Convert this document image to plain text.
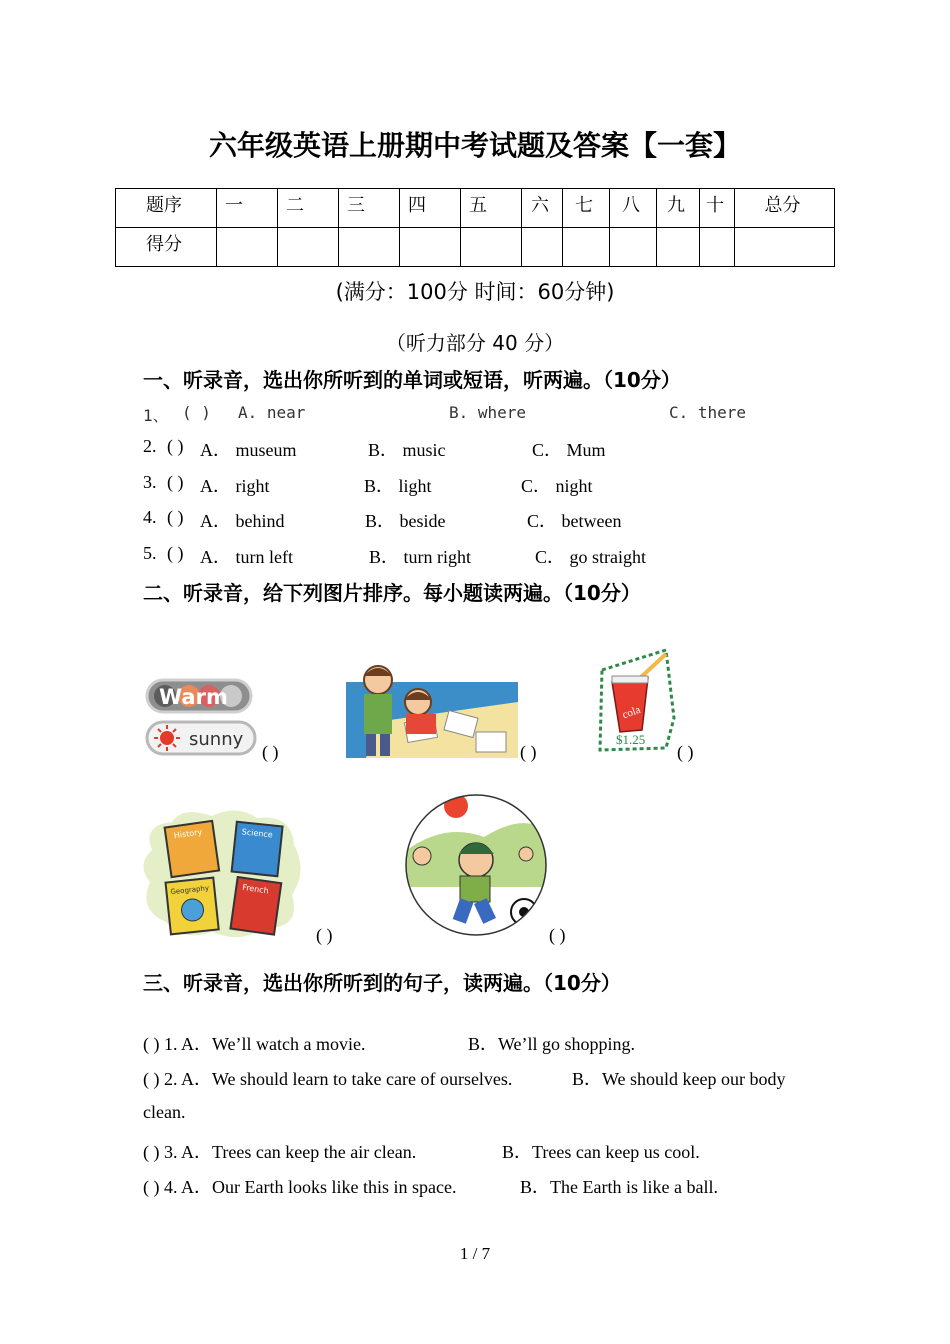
六年级英语上册期中考试题及答案【一套】
题序	一	二	三	四	五	六	七	八	九	十	总分
得分											
(满分：100分 时间：60分钟)
（听力部分 40 分）
一、听录音，选出你所听到的单词或短语，听两遍。（10分）
1、 ( ) A. near	B. where	C. there
2. ( ) A． museum	B． music	C． Mum
3. ( ) A． right	B． light	C． night
4. ( ) A． behind	B． beside	C． between
5. ( ) A． turn left	B． turn right	C． go straight
二、听录音，给下列图片排序。每小题读两遍。（10分）
Warm
sunny
( )	( )
cola
$1.25
( )
History	Science
Geography	French
( )	( )
三、听录音，选出你所听到的句子，读两遍。（10分）
( ) 1. A．We’ll watch a movie.	B．We’ll go shopping.
( ) 2. A．We should learn to take care of ourselves.	B．We should keep our body
clean.
( ) 3. A．Trees can keep the air clean.	B．Trees can keep us cool.
( ) 4. A．Our Earth looks like this in space.	B．The Earth is like a ball.
1 / 7
